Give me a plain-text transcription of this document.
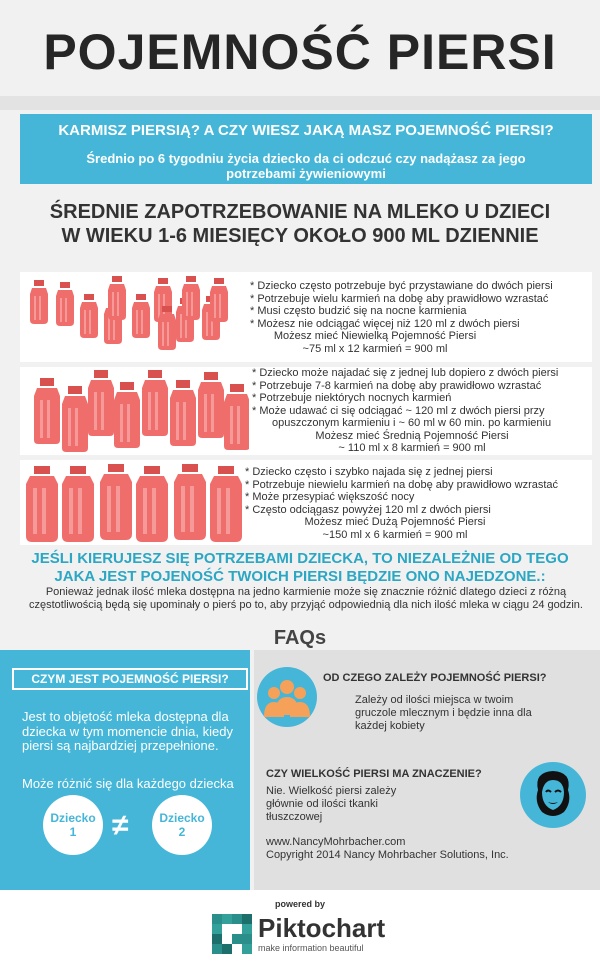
POJEMNOŚĆ PIERSI
KARMISZ PIERSIĄ? A CZY WIESZ JAKĄ MASZ POJEMNOŚĆ PIERSI?
Średnio po 6 tygodniu życia dziecko da ci odczuć czy nadążasz za jego potrzebami żywieniowymi
ŚREDNIE ZAPOTRZEBOWANIE NA MLEKO U DZIECI W WIEKU 1-6 MIESIĘCY OKOŁO 900 ML DZIENNIE
* Dziecko często potrzebuje być przystawiane do dwóch piersi
* Potrzebuje wielu karmień na dobę aby prawidłowo wzrastać
* Musi często budzić się na nocne karmienia
* Możesz nie odciągać więcej niż 120 ml z dwóch piersi
Możesz mieć Niewielką Pojemność Piersi
~75 ml x 12 karmień = 900 ml
* Dziecko może najadać się z jednej lub dopiero z dwóch piersi
* Potrzebuje 7-8 karmień na dobę aby prawidłowo wzrastać
* Potrzebuje niektórych nocnych karmień
* Może udawać ci się odciągać ~ 120 ml z dwóch piersi przy
opuszczonym karmieniu i ~ 60 ml w 60 min. po karmieniu
Możesz mieć Średnią Pojemność Piersi
~ 110 ml x 8 karmień = 900 ml
* Dziecko często i szybko najada się z jednej piersi
* Potrzebuje niewielu karmień na dobę aby prawidłowo wzrastać
* Może przesypiać większość nocy
* Często odciągasz powyżej 120 ml z dwóch piersi
Możesz mieć Dużą Pojemność Piersi
~150 ml x 6 karmień = 900 ml
JEŚLI KIERUJESZ SIĘ POTRZEBAMI DZIECKA, TO NIEZALEŻNIE OD TEGO
JAKA JEST POJENOŚĆ TWOICH PIERSI BĘDZIE ONO NAJEDZONE.:
Ponieważ jednak ilość mleka dostępna na jedno karmienie może się znacznie różnić dlatego dzieci z różną częstotliwością będą się upominały o pierś po to, aby przyjąć odpowiednią dla nich ilość mleka w ciągu 24 godzin.
FAQs
CZYM JEST POJEMNOŚĆ PIERSI?
Jest to objętość mleka dostępna dla dziecka w tym momencie dnia, kiedy piersi są najbardziej przepełnione.
Może różnić się dla każdego dziecka
Dziecko
1
Dziecko
2
≠
OD CZEGO ZALEŻY POJEMNOŚĆ PIERSI?
Zależy od ilości miejsca w twoim gruczole mlecznym i będzie inna dla każdej kobiety
CZY WIELKOŚĆ PIERSI MA ZNACZENIE?
Nie. Wielkość piersi zależy głównie od ilości tkanki tłuszczowej
www.NancyMohrbacher.com
Copyright 2014 Nancy Mohrbacher Solutions, Inc.
powered by
Piktochart
make information beautiful
